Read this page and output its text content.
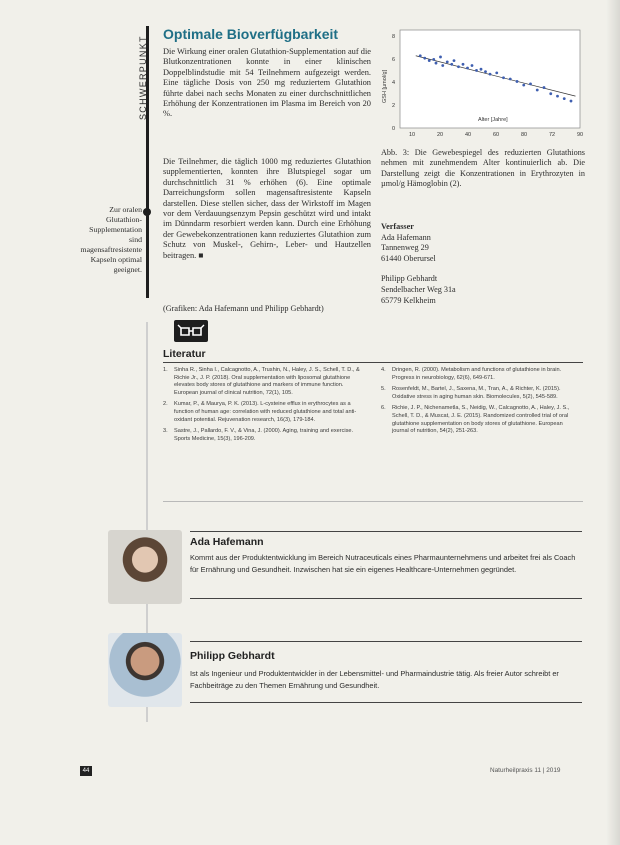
SCHWERPUNKT
Optimale Bioverfügbarkeit

Die Wirkung einer oralen Glutathion-Supplementation auf die Blutkonzentrationen konnte in einer klinischen Doppelblindstudie mit 54 Teilnehmern aufgezeigt werden. Eine tägliche Dosis von 250 mg reduziertem Glutathion führte dabei nach sechs Monaten zu einer durchschnittlichen Erhöhung der Konzentrationen im Plasma im Bereich von 20 %.

Die Teilnehmer, die täglich 1000 mg reduziertes Glutathion supplementierten, konnten ihre Blutspiegel sogar um durchschnittlich 31 % erhöhen (6). Eine optimale Darreichungsform sollen magensaftresistente Kapseln darstellen. Diese stellen sicher, dass der Wirkstoff im Magen vor dem Verdauungsenzym Pepsin geschützt wird und intakt im Dünndarm resorbiert werden kann. Durch eine Erhöhung der Gewebekonzentrationen kann reduziertes Glutathion zum Schutz von Muskel-, Gehirn-, Leber- und Hautzellen beitragen. ■

(Grafiken: Ada Hafemann und Philipp Gebhardt)
Zur oralen Glutathion-Supplementation sind magensaftresistente Kapseln optimal geeignet.
Alter [Jahre]
GSH [µmol/g]
8
6
4
2
0
10	20	40	60	80	72	90

Abb. 3: Die Gewebespiegel des reduzierten Glutathions nehmen mit zunehmendem Alter kontinuierlich ab. Die Darstellung zeigt die Konzentrationen in Erythrozyten in µmol/g Hämoglobin (2).

Verfasser
Ada Hafemann
Tannenweg 29
61440 Oberursel
Philipp Gebhardt
Sendelbacher Weg 31a
65779 Kelkheim
Literatur
1. Sinha R., Sinha I., Calcagnotto, A., Trushin, N., Haley, J. S., Schell, T. D., & Richie Jr., J. P. (2018). Oral supplementation with liposomal glutathione elevates body stores of glutathione and markers of immune function. European journal of clinical nutrition, 72(1), 105.
2. Kumar, P., & Maurya, P. K. (2013). L-cysteine efflux in erythrocytes as a function of human age: correlation with reduced glutathione and total anti-oxidant potential. Rejuvenation research, 16(3), 179-184.
3. Sastre, J., Pallardo, F. V., & Vina, J. (2000). Aging, training and exercise. Sports Medicine, 15(3), 196-209.
4. Dringen, R. (2000). Metabolism and functions of glutathione in brain. Progress in neurobiology, 62(6), 649-671.
5. Rosenfeldt, M., Bartel, J., Saxena, M., Tran, A., & Richter, K. (2015). Oxidative stress in aging human skin. Biomolecules, 5(2), 545-589.
6. Richie, J. P., Nichenametla, S., Neidig, W., Calcagnotto, A., Haley, J. S., Schell, T. D., & Muscat, J. E. (2015). Randomized controlled trial of oral glutathione supplementation on body stores of glutathione. European journal of nutrition, 54(2), 251-263.
Ada Hafemann

Kommt aus der Produktentwicklung im Bereich Nutraceuticals eines Pharmaunternehmens und arbeitet frei als Coach für Ernährung und Gesundheit. Inzwischen hat sie ein eigenes Healthcare-Unternehmen gegründet.

Philipp Gebhardt

Ist als Ingenieur und Produktentwickler in der Lebensmittel- und Pharmaindustrie tätig. Als freier Autor schreibt er Fachbeiträge zu den Themen Ernährung und Gesundheit.

44	Naturheilpraxis 11 | 2019
